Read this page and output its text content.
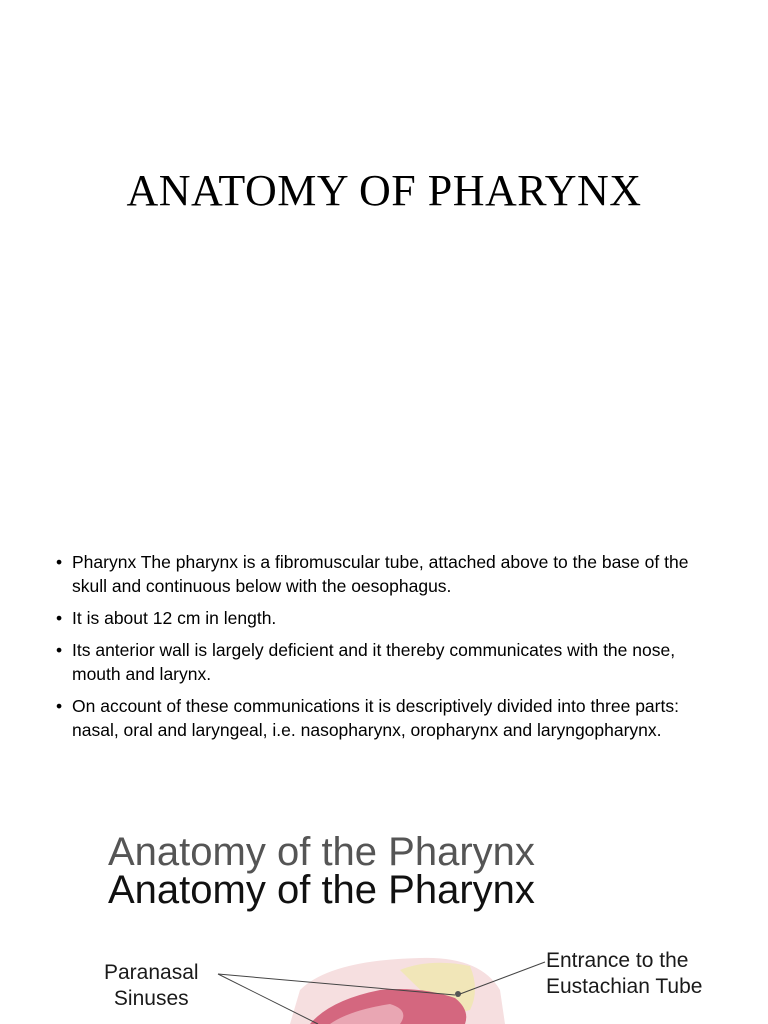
ANATOMY OF PHARYNX
• Pharynx The pharynx is a fibromuscular tube, attached above to the base of the skull and continuous below with the oesophagus.
• It is about 12 cm in length.
• Its anterior wall is largely deficient and it thereby communicates with the nose, mouth and larynx.
• On account of these communications it is descriptively divided into three parts: nasal, oral and laryngeal, i.e. nasopharynx, oropharynx and laryngopharynx.
Anatomy of the Pharynx
Anatomy of the Pharynx
Paranasal
Sinuses
Entrance to the
Eustachian Tube
